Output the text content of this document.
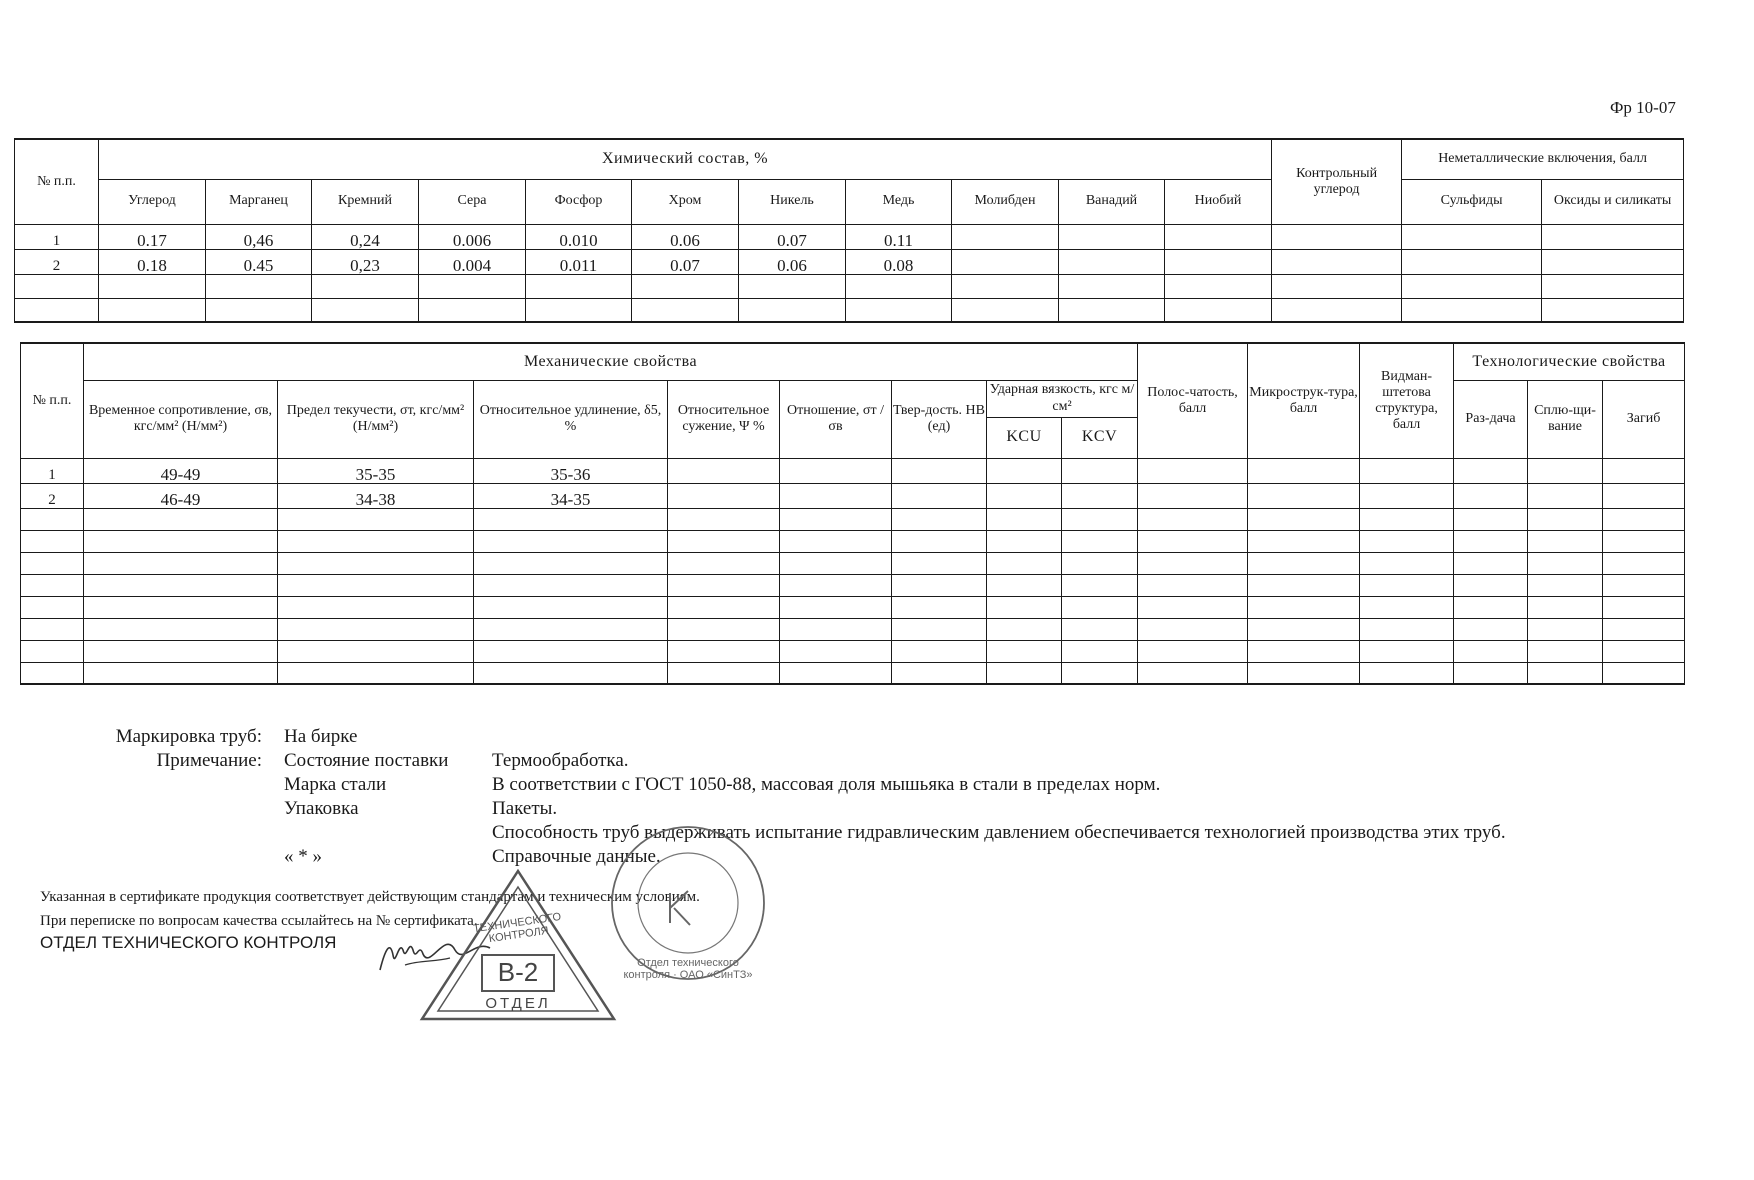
Фр 10-07
№ п.п.	Химический состав, %											Контрольный углерод	Неметаллические включения, балл	
	Углерод	Марганец	Кремний	Сера	Фосфор	Хром	Никель	Медь	Молибден	Ванадий	Ниобий		Сульфиды	Оксиды и силикаты
1	0.17	0,46	0,24	0.006	0.010	0.06	0.07	0.11						
2	0.18	0.45	0,23	0.004	0.011	0.07	0.06	0.08						

№ п.п.	Механические свойства								Полос-чатость, балл	Микрострук-тура, балл	Видман-штетова структура, балл	Технологические свойства		
	Временное сопротивление, σв, кгс/мм² (Н/мм²)	Предел текучести, σт, кгс/мм² (Н/мм²)	Относительное удлинение, δ5, %	Относительное сужение, Ψ %	Отношение, σт /σв	Твер-дость. НВ (ед)	Ударная вязкость, кгс м/см²					Раз-дача	Сплю-щи-вание	Загиб
							KCU	KCV						
1	49-49	35-35	35-36											
2	46-49	34-38	34-35											

Маркировка труб: На бирке
Примечание: Состояние поставки	Термообработка.
Марка стали	В соответствии с ГОСТ 1050-88, массовая доля мышьяка в стали в пределах норм.
Упаковка	Пакеты.
Способность труб выдерживать испытание гидравлическим давлением обеспечивается технологией производства этих труб.
« * »	Справочные данные.
Указанная в сертификате продукция соответствует действующим стандартам и техническим условиям.
При переписке по вопросам качества ссылайтесь на № сертификата.
ОТДЕЛ ТЕХНИЧЕСКОГО КОНТРОЛЯ
В-2
ТЕХНИЧЕСКОГО КОНТРОЛЯ
ОТДЕЛ
Отдел технического контроля · ОАО «СинТЗ»
